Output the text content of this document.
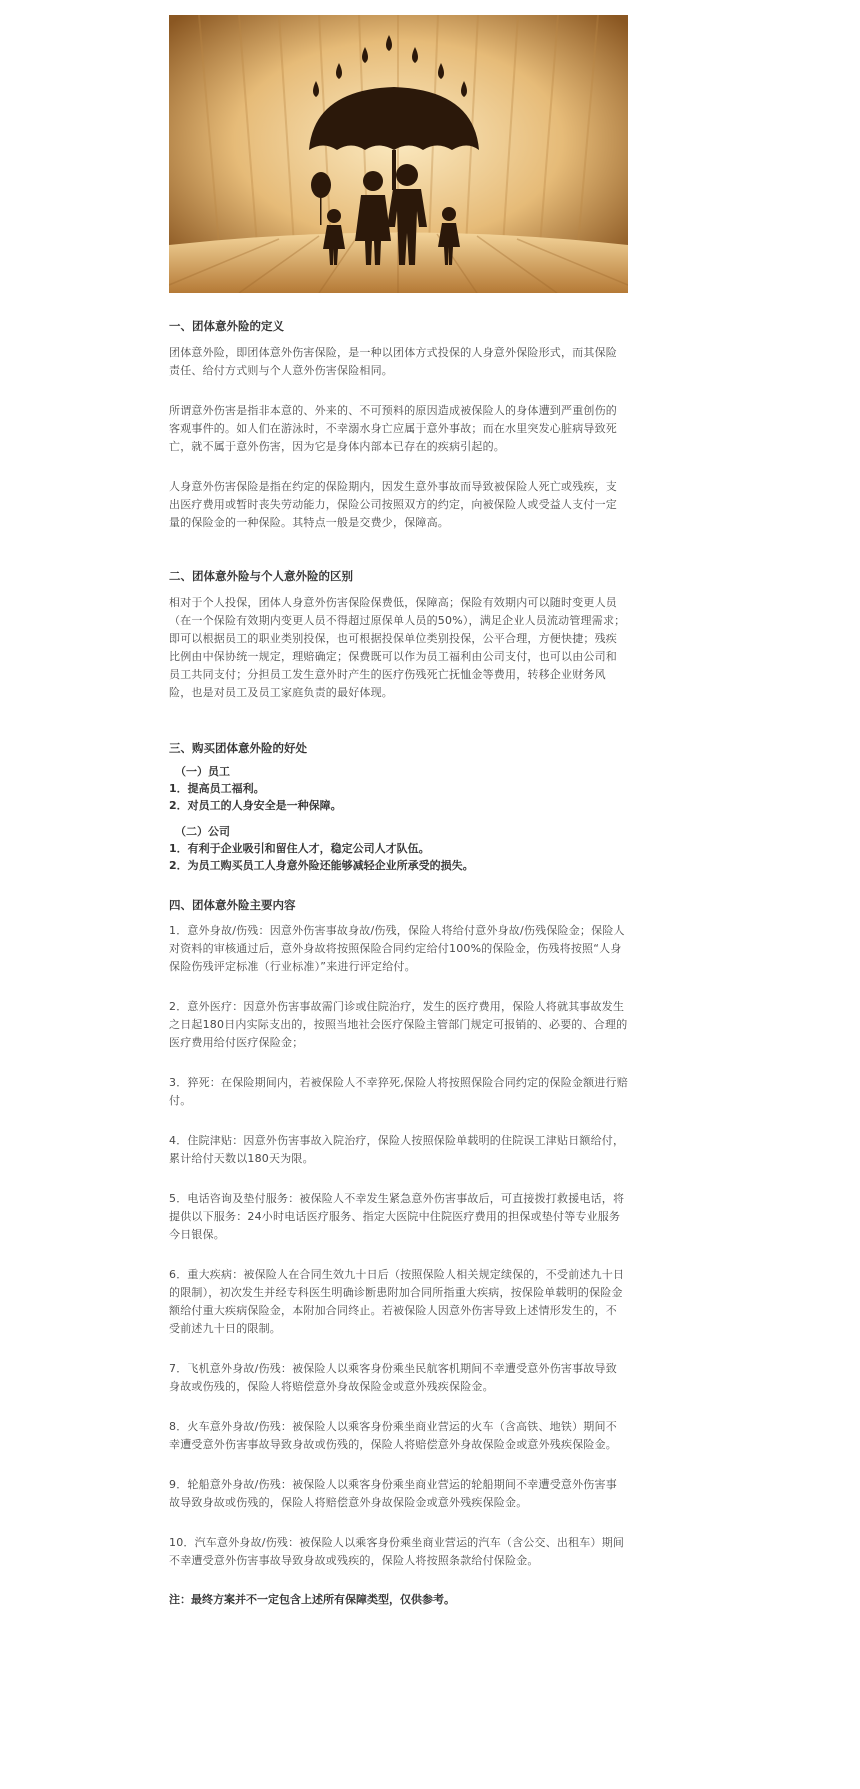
一、团体意外险的定义

团体意外险，即团体意外伤害保险，是一种以团体方式投保的人身意外保险形式，而其保险责任、给付方式则与个人意外伤害保险相同。

所谓意外伤害是指非本意的、外来的、不可预料的原因造成被保险人的身体遭到严重创伤的客观事件的。如人们在游泳时，不幸溺水身亡应属于意外事故；而在水里突发心脏病导致死亡，就不属于意外伤害，因为它是身体内部本已存在的疾病引起的。

人身意外伤害保险是指在约定的保险期内，因发生意外事故而导致被保险人死亡或残疾，支出医疗费用或暂时丧失劳动能力，保险公司按照双方的约定，向被保险人或受益人支付一定量的保险金的一种保险。其特点一般是交费少，保障高。

二、团体意外险与个人意外险的区别

相对于个人投保，团体人身意外伤害保险保费低，保障高；保险有效期内可以随时变更人员（在一个保险有效期内变更人员不得超过原保单人员的50%），满足企业人员流动管理需求；即可以根据员工的职业类别投保，也可根据投保单位类别投保，公平合理，方便快捷；残疾比例由中保协统一规定，理赔确定；保费既可以作为员工福利由公司支付，也可以由公司和员工共同支付；分担员工发生意外时产生的医疗伤残死亡抚恤金等费用，转移企业财务风险，也是对员工及员工家庭负责的最好体现。

三、购买团体意外险的好处

（一）员工

1．提高员工福利。

2．对员工的人身安全是一种保障。

（二）公司

1．有利于企业吸引和留住人才，稳定公司人才队伍。

2．为员工购买员工人身意外险还能够减轻企业所承受的损失。

四、团体意外险主要内容

1．意外身故/伤残：因意外伤害事故身故/伤残，保险人将给付意外身故/伤残保险金；保险人对资料的审核通过后，意外身故将按照保险合同约定给付100%的保险金，伤残将按照“人身保险伤残评定标准（行业标准）”来进行评定给付。

2．意外医疗：因意外伤害事故需门诊或住院治疗，发生的医疗费用，保险人将就其事故发生之日起180日内实际支出的，按照当地社会医疗保险主管部门规定可报销的、必要的、合理的医疗费用给付医疗保险金；

3．猝死：在保险期间内，若被保险人不幸猝死,保险人将按照保险合同约定的保险金额进行赔付。

4．住院津贴：因意外伤害事故入院治疗，保险人按照保险单载明的住院误工津贴日额给付，累计给付天数以180天为限。

5．电话咨询及垫付服务：被保险人不幸发生紧急意外伤害事故后，可直接拨打救援电话，将提供以下服务：24小时电话医疗服务、指定大医院中住院医疗费用的担保或垫付等专业服务今日银保。

6．重大疾病：被保险人在合同生效九十日后（按照保险人相关规定续保的，不受前述九十日的限制），初次发生并经专科医生明确诊断患附加合同所指重大疾病，按保险单载明的保险金额给付重大疾病保险金，本附加合同终止。若被保险人因意外伤害导致上述情形发生的，不受前述九十日的限制。

7．飞机意外身故/伤残：被保险人以乘客身份乘坐民航客机期间不幸遭受意外伤害事故导致身故或伤残的，保险人将赔偿意外身故保险金或意外残疾保险金。

8．火车意外身故/伤残：被保险人以乘客身份乘坐商业营运的火车（含高铁、地铁）期间不幸遭受意外伤害事故导致身故或伤残的，保险人将赔偿意外身故保险金或意外残疾保险金。

9．轮船意外身故/伤残：被保险人以乘客身份乘坐商业营运的轮船期间不幸遭受意外伤害事故导致身故或伤残的，保险人将赔偿意外身故保险金或意外残疾保险金。

10．汽车意外身故/伤残：被保险人以乘客身份乘坐商业营运的汽车（含公交、出租车）期间不幸遭受意外伤害事故导致身故或残疾的，保险人将按照条款给付保险金。

注：最终方案并不一定包含上述所有保障类型，仅供参考。
